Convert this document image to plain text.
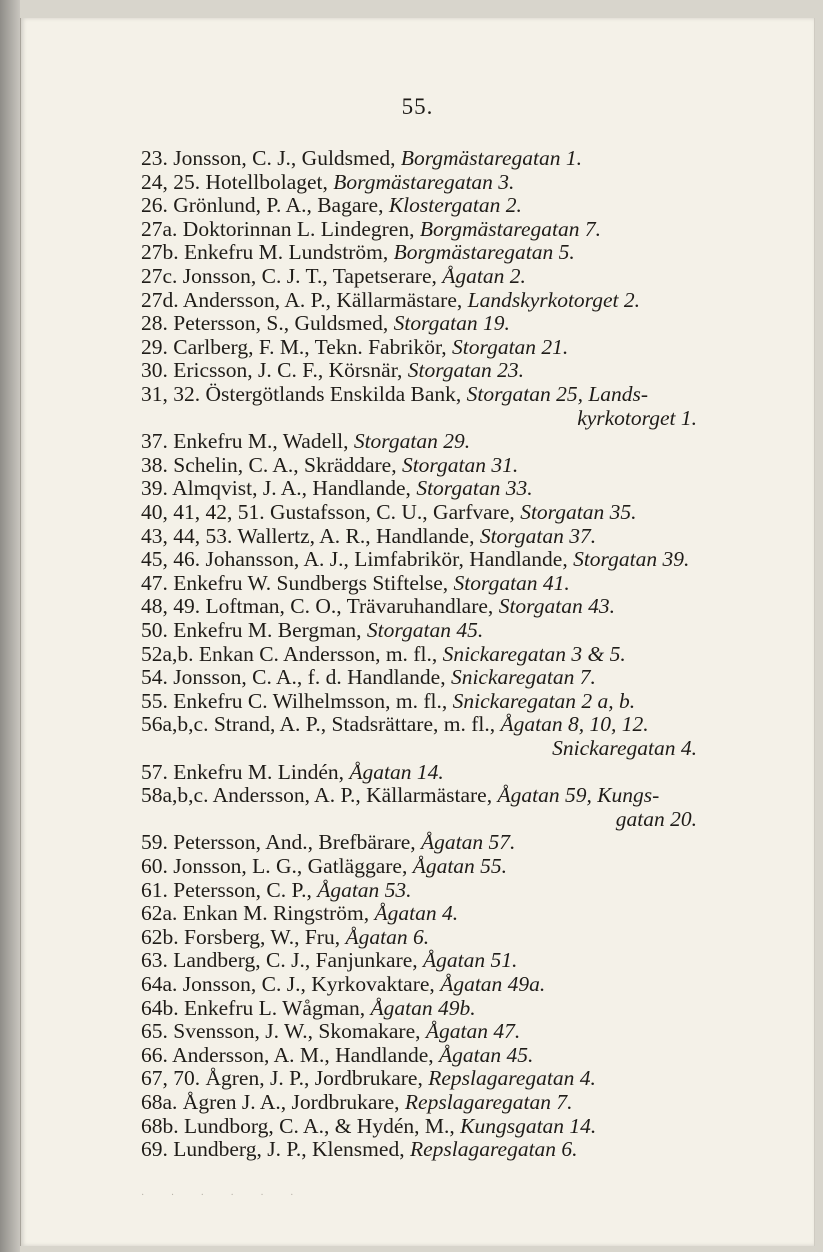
55.
23. Jonsson, C. J., Guldsmed, Borgmästaregatan 1.
24, 25. Hotellbolaget, Borgmästaregatan 3.
26. Grönlund, P. A., Bagare, Klostergatan 2.
27a. Doktorinnan L. Lindegren, Borgmästaregatan 7.
27b. Enkefru M. Lundström, Borgmästaregatan 5.
27c. Jonsson, C. J. T., Tapetserare, Ågatan 2.
27d. Andersson, A. P., Källarmästare, Landskyrkotorget 2.
28. Petersson, S., Guldsmed, Storgatan 19.
29. Carlberg, F. M., Tekn. Fabrikör, Storgatan 21.
30. Ericsson, J. C. F., Körsnär, Storgatan 23.
31, 32. Östergötlands Enskilda Bank, Storgatan 25, Lands-
kyrkotorget 1.
37. Enkefru M., Wadell, Storgatan 29.
38. Schelin, C. A., Skräddare, Storgatan 31.
39. Almqvist, J. A., Handlande, Storgatan 33.
40, 41, 42, 51. Gustafsson, C. U., Garfvare, Storgatan 35.
43, 44, 53. Wallertz, A. R., Handlande, Storgatan 37.
45, 46. Johansson, A. J., Limfabrikör, Handlande, Storgatan 39.
47. Enkefru W. Sundbergs Stiftelse, Storgatan 41.
48, 49. Loftman, C. O., Trävaruhandlare, Storgatan 43.
50. Enkefru M. Bergman, Storgatan 45.
52a,b. Enkan C. Andersson, m. fl., Snickaregatan 3 & 5.
54. Jonsson, C. A., f. d. Handlande, Snickaregatan 7.
55. Enkefru C. Wilhelmsson, m. fl., Snickaregatan 2 a, b.
56a,b,c. Strand, A. P., Stadsrättare, m. fl., Ågatan 8, 10, 12.
Snickaregatan 4.
57. Enkefru M. Lindén, Ågatan 14.
58a,b,c. Andersson, A. P., Källarmästare, Ågatan 59, Kungs-
gatan 20.
59. Petersson, And., Brefbärare, Ågatan 57.
60. Jonsson, L. G., Gatläggare, Ågatan 55.
61. Petersson, C. P., Ågatan 53.
62a. Enkan M. Ringström, Ågatan 4.
62b. Forsberg, W., Fru, Ågatan 6.
63. Landberg, C. J., Fanjunkare, Ågatan 51.
64a. Jonsson, C. J., Kyrkovaktare, Ågatan 49a.
64b. Enkefru L. Wågman, Ågatan 49b.
65. Svensson, J. W., Skomakare, Ågatan 47.
66. Andersson, A. M., Handlande, Ågatan 45.
67, 70. Ågren, J. P., Jordbrukare, Repslagaregatan 4.
68a. Ågren J. A., Jordbrukare, Repslagaregatan 7.
68b. Lundborg, C. A., & Hydén, M., Kungsgatan 14.
69. Lundberg, J. P., Klensmed, Repslagaregatan 6.
· · · · · ·
